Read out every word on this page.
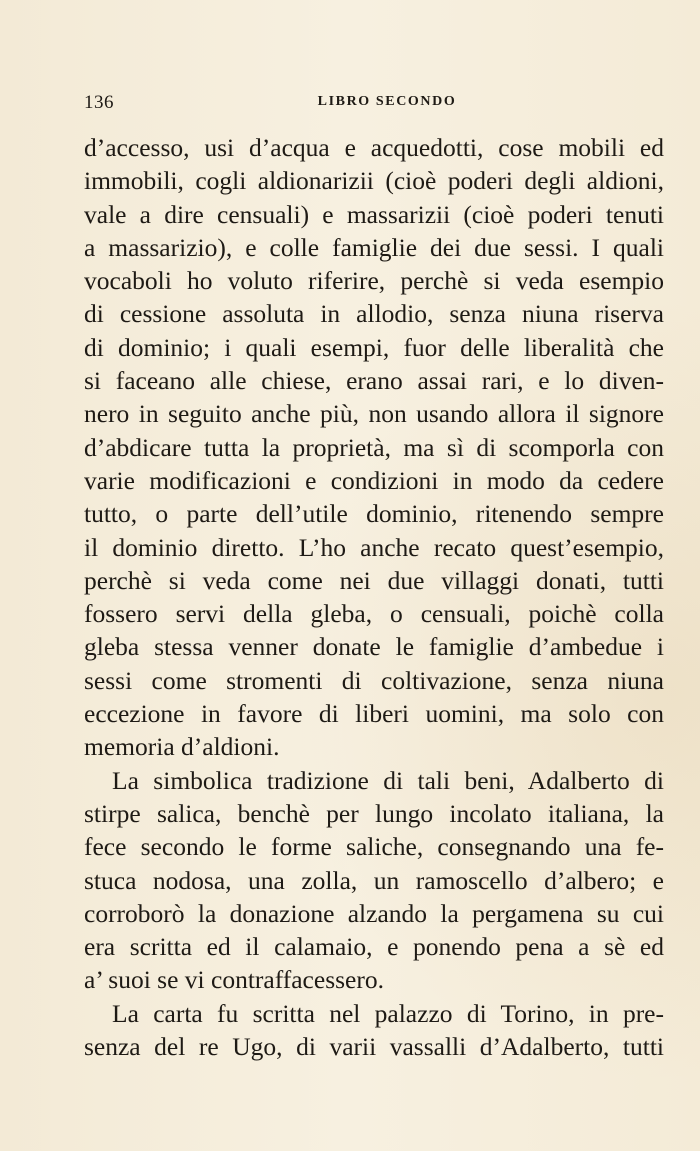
136	LIBRO SECONDO
d’accesso, usi d’acqua e acquedotti, cose mobili ed
immobili, cogli aldionarizii (cioè poderi degli aldioni,
vale a dire censuali) e massarizii (cioè poderi tenuti
a massarizio), e colle famiglie dei due sessi. I quali
vocaboli ho voluto riferire, perchè si veda esempio
di cessione assoluta in allodio, senza niuna riserva
di dominio; i quali esempi, fuor delle liberalità che
si faceano alle chiese, erano assai rari, e lo diven-
nero in seguito anche più, non usando allora il signore
d’abdicare tutta la proprietà, ma sì di scomporla con
varie modificazioni e condizioni in modo da cedere
tutto, o parte dell’utile dominio, ritenendo sempre
il dominio diretto. L’ho anche recato quest’esempio,
perchè si veda come nei due villaggi donati, tutti
fossero servi della gleba, o censuali, poichè colla
gleba stessa venner donate le famiglie d’ambedue i
sessi come stromenti di coltivazione, senza niuna
eccezione in favore di liberi uomini, ma solo con
memoria d’aldioni.
La simbolica tradizione di tali beni, Adalberto di
stirpe salica, benchè per lungo incolato italiana, la
fece secondo le forme saliche, consegnando una fe-
stuca nodosa, una zolla, un ramoscello d’albero; e
corroborò la donazione alzando la pergamena su cui
era scritta ed il calamaio, e ponendo pena a sè ed
a’ suoi se vi contraffacessero.
La carta fu scritta nel palazzo di Torino, in pre-
senza del re Ugo, di varii vassalli d’Adalberto, tutti
